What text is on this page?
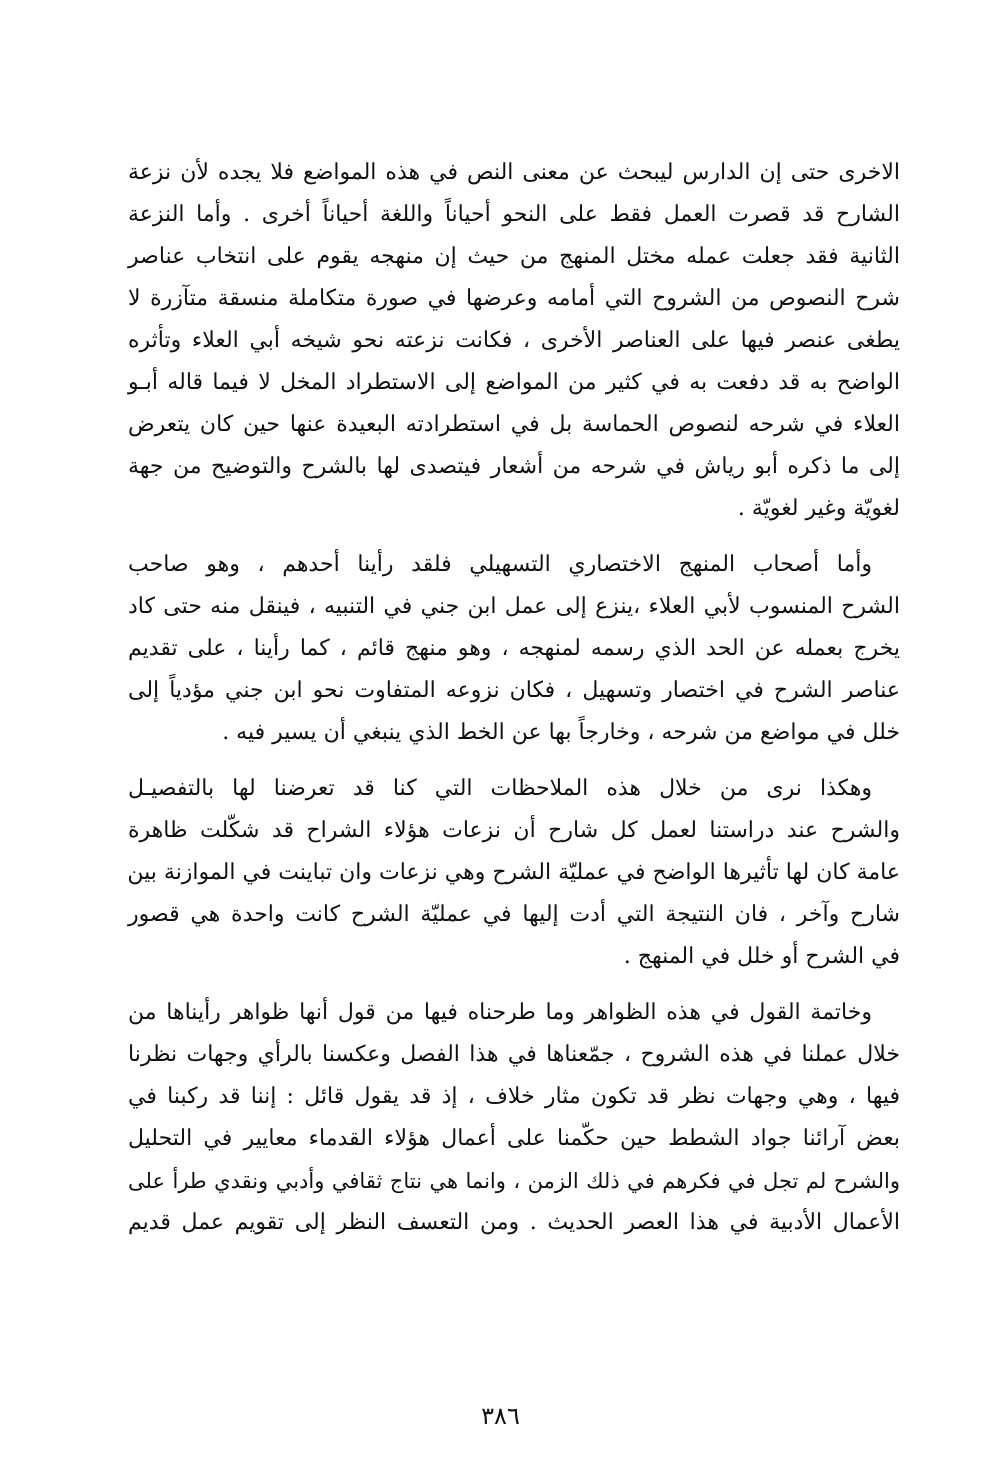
الاخرى حتى إن الدارس ليبحث عن معنى النص في هذه المواضع فلا يجده لأن نزعة
الشارح قد قصرت العمل فقط على النحو أحياناً واللغة أحياناً أخرى . وأما النزعة
الثانية فقد جعلت عمله مختل المنهج من حيث إن منهجه يقوم على انتخاب عناصر
شرح النصوص من الشروح التي أمامه وعرضها في صورة متكاملة منسقة متآزرة لا
يطغى عنصر فيها على العناصر الأخرى ، فكانت نزعته نحو شيخه أبي العلاء وتأثره
الواضح به قد دفعت به في كثير من المواضع إلى الاستطراد المخل لا فيما قاله أبـو
العلاء في شرحه لنصوص الحماسة بل في استطرادته البعيدة عنها حين كان يتعرض
إلى ما ذكره أبو رياش في شرحه من أشعار فيتصدى لها بالشرح والتوضيح من جهة
لغويّة وغير لغويّة .
وأما أصحاب المنهج الاختصاري التسهيلي فلقد رأينا أحدهم ، وهو صاحب
الشرح المنسوب لأبي العلاء ،ينزع إلى عمل ابن جني في التنبيه ، فينقل منه حتى كاد
يخرج بعمله عن الحد الذي رسمه لمنهجه ، وهو منهج قائم ، كما رأينا ، على تقديم
عناصر الشرح في اختصار وتسهيل ، فكان نزوعه المتفاوت نحو ابن جني مؤدياً إلى
خلل في مواضع من شرحه ، وخارجاً بها عن الخط الذي ينبغي أن يسير فيه .
وهكذا نرى من خلال هذه الملاحظات التي كنا قد تعرضنا لها بالتفصيـل
والشرح عند دراستنا لعمل كل شارح أن نزعات هؤلاء الشراح قد شكّلت ظاهرة
عامة كان لها تأثيرها الواضح في عمليّة الشرح وهي نزعات وان تباينت في الموازنة بين
شارح وآخر ، فان النتيجة التي أدت إليها في عمليّة الشرح كانت واحدة هي قصور
في الشرح أو خلل في المنهج .
وخاتمة القول في هذه الظواهر وما طرحناه فيها من قول أنها ظواهر رأيناها من
خلال عملنا في هذه الشروح ، جمّعناها في هذا الفصل وعكسنا بالرأي وجهات نظرنا
فيها ، وهي وجهات نظر قد تكون مثار خلاف ، إذ قد يقول قائل : إننا قد ركبنا في
بعض آرائنا جواد الشطط حين حكّمنا على أعمال هؤلاء القدماء معايير في التحليل
والشرح لم تجل في فكرهم في ذلك الزمن ، وانما هي نتاج ثقافي وأدبي ونقدي طرأ على
الأعمال الأدبية في هذا العصر الحديث . ومن التعسف النظر إلى تقويم عمل قديم
٣٨٦
